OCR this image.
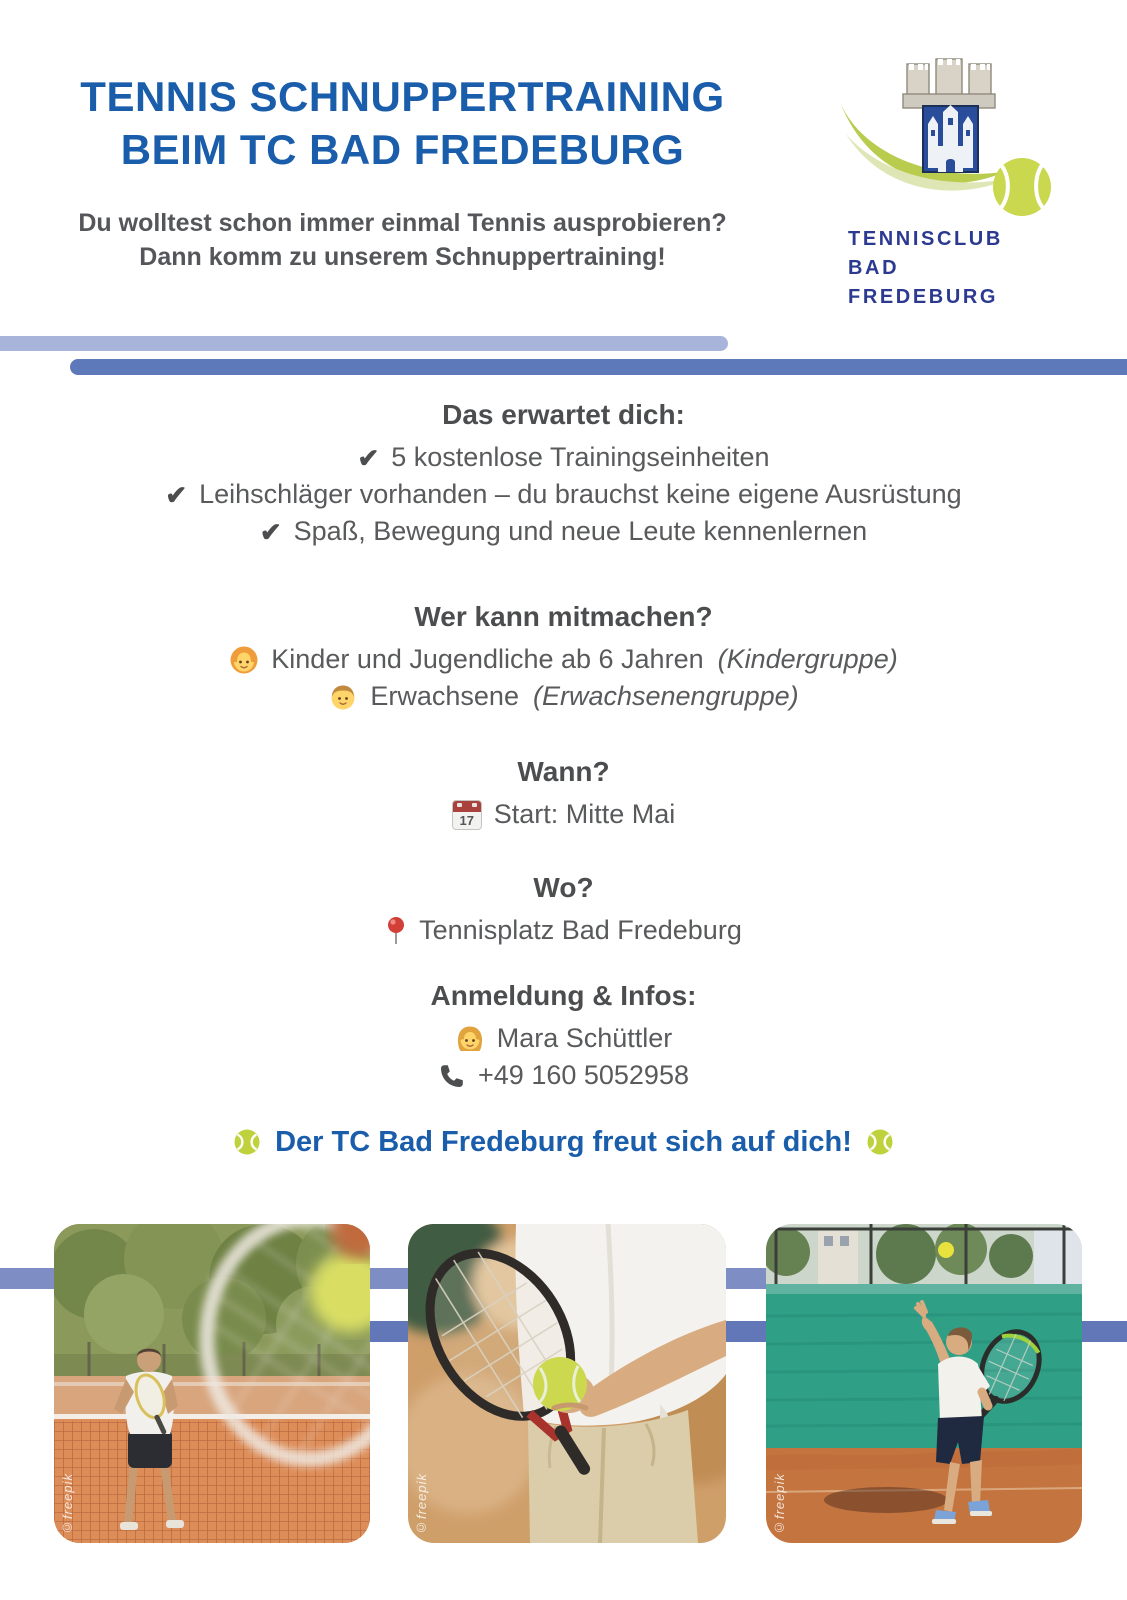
TENNIS SCHNUPPERTRAINING
BEIM TC BAD FREDEBURG

Du wolltest schon immer einmal Tennis ausprobieren?
Dann komm zu unserem Schnuppertraining!

TENNISCLUB
BAD FREDEBURG
Das erwartet dich:
✔ 5 kostenlose Trainingseinheiten
✔ Leihschläger vorhanden – du brauchst keine eigene Ausrüstung
✔ Spaß, Bewegung und neue Leute kennenlernen
Wer kann mitmachen?
Kinder und Jugendliche ab 6 Jahren (Kindergruppe)
Erwachsene (Erwachsenengruppe)
Wann?
17 Start: Mitte Mai
Wo?
Tennisplatz Bad Fredeburg
Anmeldung & Infos:
Mara Schüttler
+49 160 5052958
Der TC Bad Fredeburg freut sich auf dich!
©freepik	©freepik	©freepik
